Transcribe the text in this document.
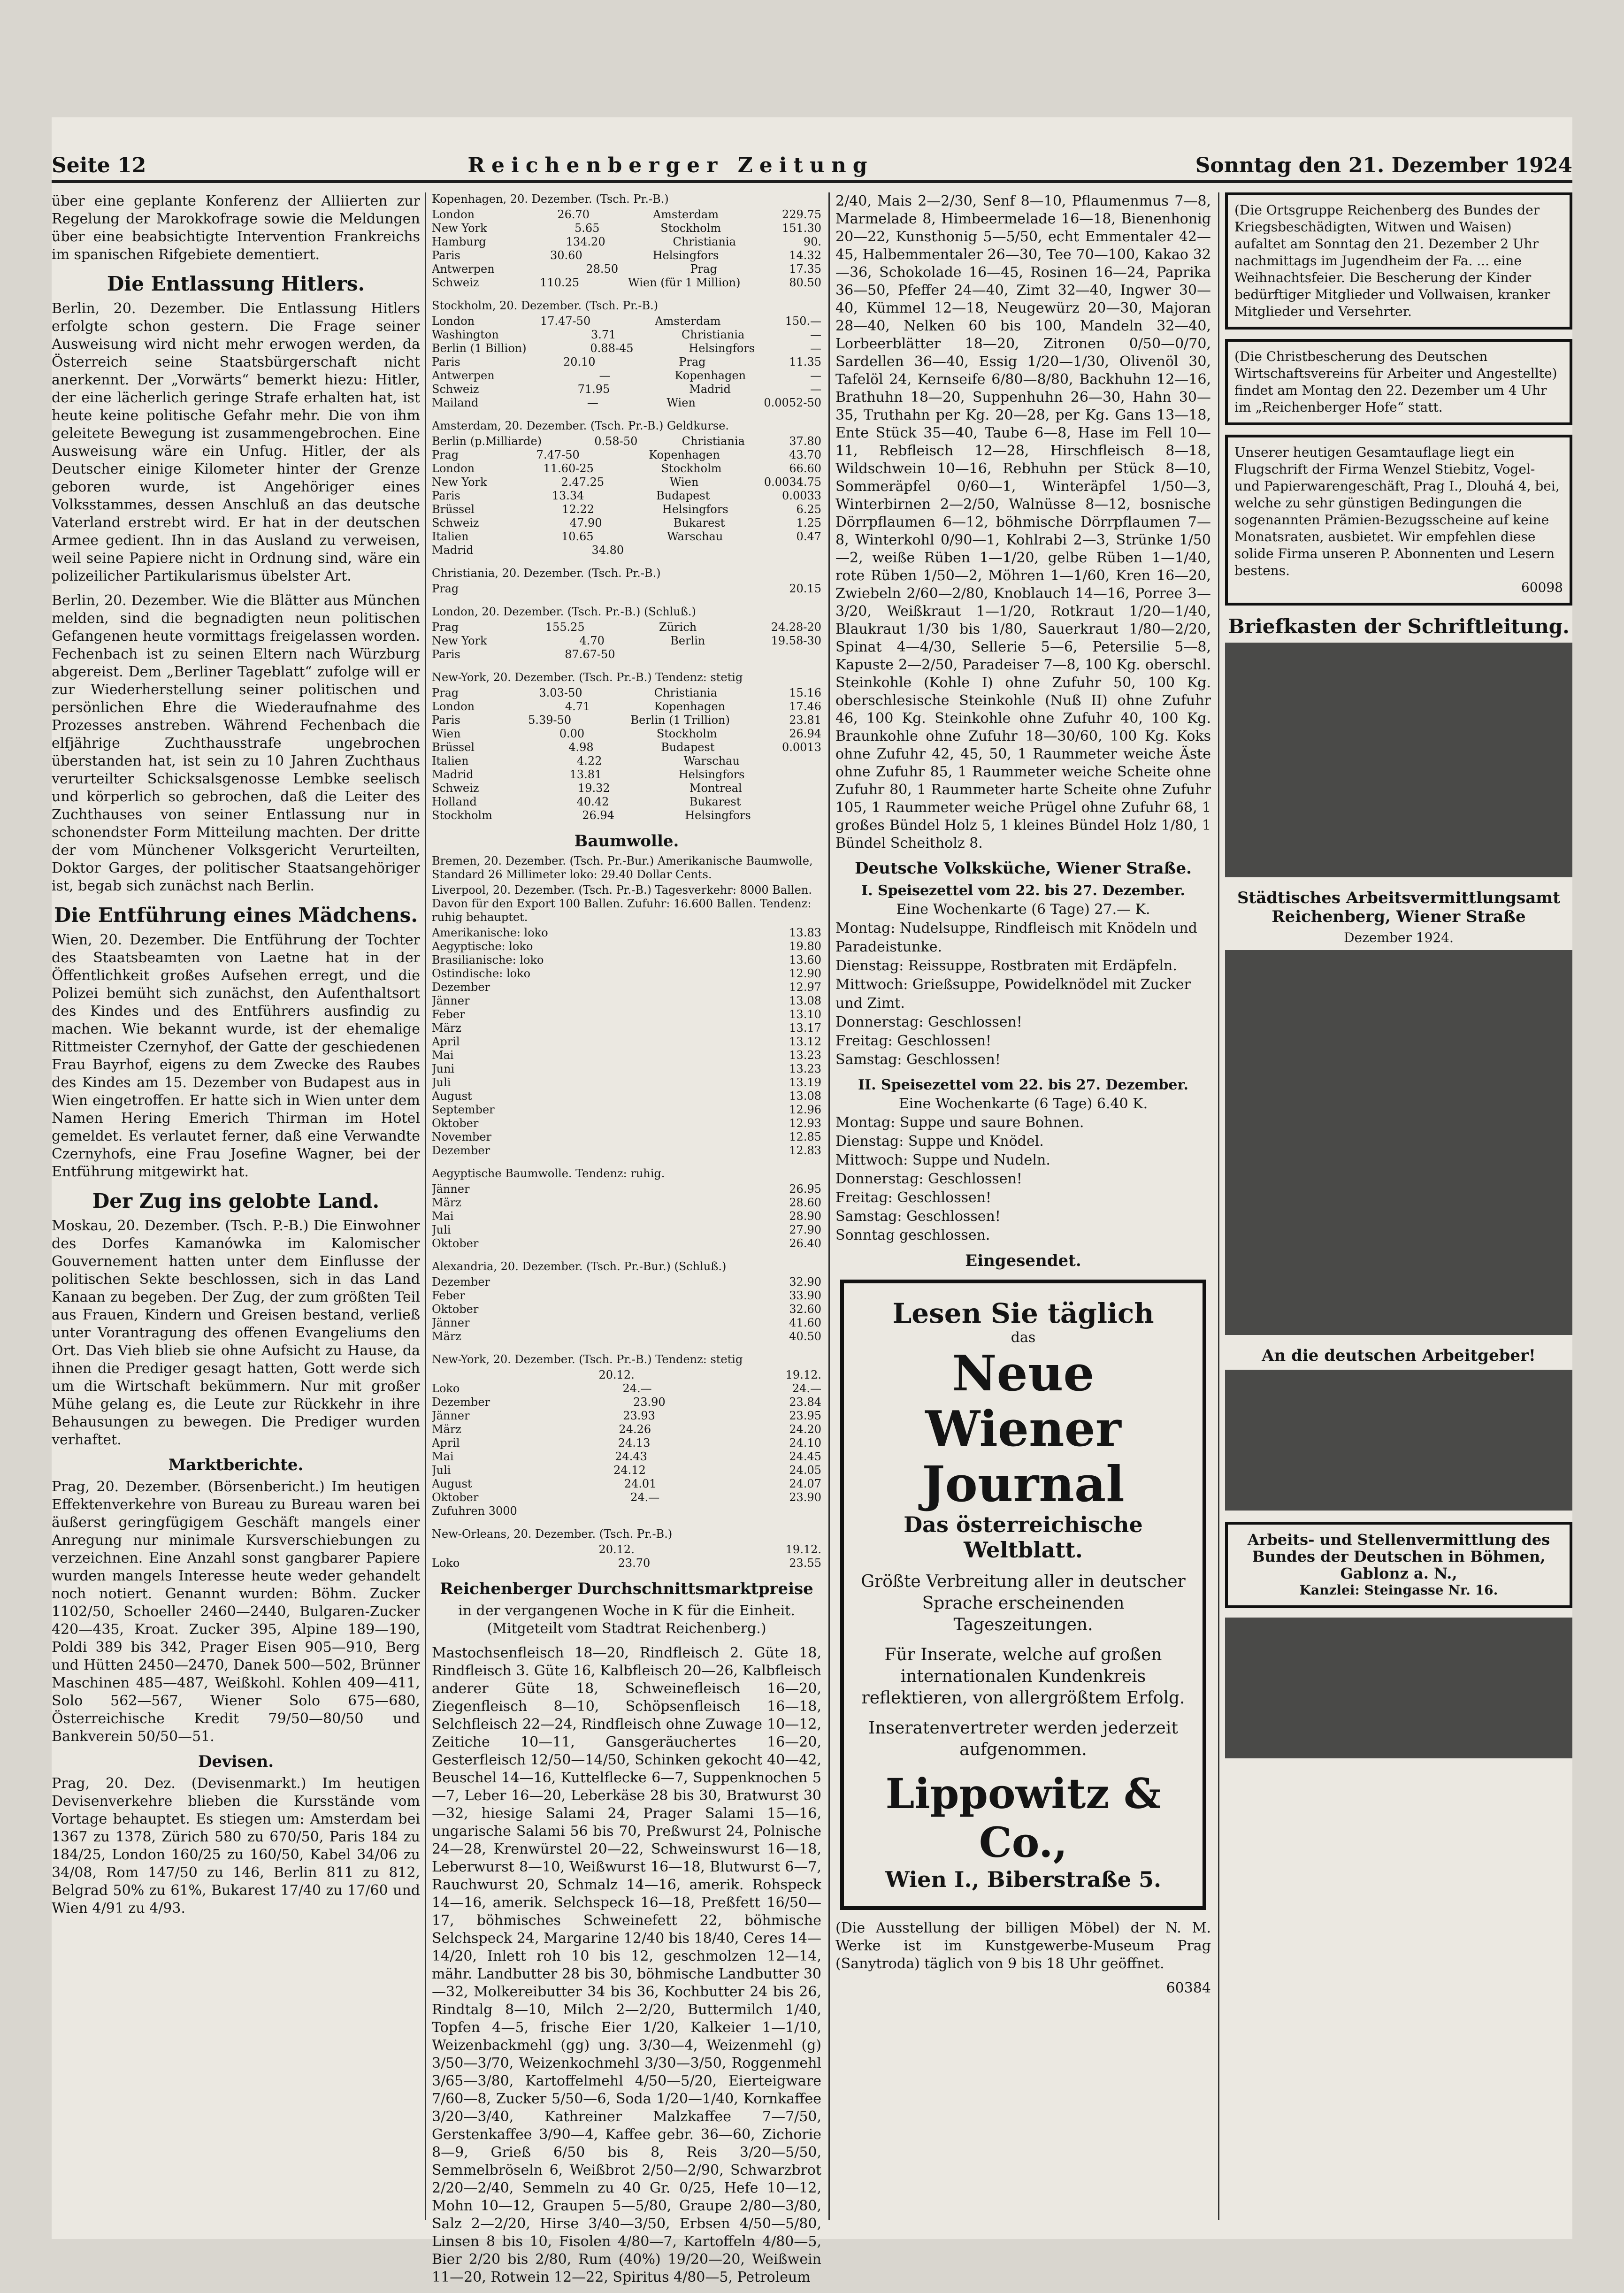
Seite 12	Reichenberger Zeitung	Sonntag den 21. Dezember 1924

über eine geplante Konferenz der Alliierten zur Regelung der Marokkofrage sowie die Meldungen über eine beabsichtigte Intervention Frankreichs im spanischen Rifgebiete dementiert.

Die Entlassung Hitlers.

Berlin, 20. Dezember. Die Entlassung Hitlers erfolgte schon gestern. Die Frage seiner Ausweisung wird nicht mehr erwogen werden, da Österreich seine Staatsbürgerschaft nicht anerkennt. Der „Vorwärts“ bemerkt hiezu: Hitler, der eine lächerlich geringe Strafe erhalten hat, ist heute keine politische Gefahr mehr. Die von ihm geleitete Bewegung ist zusammengebrochen. Eine Ausweisung wäre ein Unfug. Hitler, der als Deutscher einige Kilometer hinter der Grenze geboren wurde, ist Angehöriger eines Volksstammes, dessen Anschluß an das deutsche Vaterland erstrebt wird. Er hat in der deutschen Armee gedient. Ihn in das Ausland zu verweisen, weil seine Papiere nicht in Ordnung sind, wäre ein polizeilicher Partikularismus übelster Art.

Berlin, 20. Dezember. Wie die Blätter aus München melden, sind die begnadigten neun politischen Gefangenen heute vormittags freigelassen worden. Fechenbach ist zu seinen Eltern nach Würzburg abgereist. Dem „Berliner Tageblatt“ zufolge will er zur Wiederherstellung seiner politischen und persönlichen Ehre die Wiederaufnahme des Prozesses anstreben. Während Fechenbach die elfjährige Zuchthausstrafe ungebrochen überstanden hat, ist sein zu 10 Jahren Zuchthaus verurteilter Schicksalsgenosse Lembke seelisch und körperlich so gebrochen, daß die Leiter des Zuchthauses von seiner Entlassung nur in schonendster Form Mitteilung machten. Der dritte der vom Münchener Volksgericht Verurteilten, Doktor Garges, der politischer Staatsangehöriger ist, begab sich zunächst nach Berlin.

Die Entführung eines Mädchens.

Wien, 20. Dezember. Die Entführung der Tochter des Staatsbeamten von Laetne hat in der Öffentlichkeit großes Aufsehen erregt, und die Polizei bemüht sich zunächst, den Aufenthaltsort des Kindes und des Entführers ausfindig zu machen. Wie bekannt wurde, ist der ehemalige Rittmeister Czernyhof, der Gatte der geschiedenen Frau Bayrhof, eigens zu dem Zwecke des Raubes des Kindes am 15. Dezember von Budapest aus in Wien eingetroffen. Er hatte sich in Wien unter dem Namen Hering Emerich Thirman im Hotel gemeldet. Es verlautet ferner, daß eine Verwandte Czernyhofs, eine Frau Josefine Wagner, bei der Entführung mitgewirkt hat.

Der Zug ins gelobte Land.

Moskau, 20. Dezember. (Tsch. P.-B.) Die Einwohner des Dorfes Kamanówka im Kalomischer Gouvernement hatten unter dem Einflusse der politischen Sekte beschlossen, sich in das Land Kanaan zu begeben. Der Zug, der zum größten Teil aus Frauen, Kindern und Greisen bestand, verließ unter Vorantragung des offenen Evangeliums den Ort. Das Vieh blieb sie ohne Aufsicht zu Hause, da ihnen die Prediger gesagt hatten, Gott werde sich um die Wirtschaft bekümmern. Nur mit großer Mühe gelang es, die Leute zur Rückkehr in ihre Behausungen zu bewegen. Die Prediger wurden verhaftet.

Marktberichte.

Prag, 20. Dezember. (Börsenbericht.) Im heutigen Effektenverkehre von Bureau zu Bureau waren bei äußerst geringfügigem Geschäft mangels einer Anregung nur minimale Kursverschiebungen zu verzeichnen. Eine Anzahl sonst gangbarer Papiere wurden mangels Interesse heute weder gehandelt noch notiert. Genannt wurden: Böhm. Zucker 1102/50, Schoeller 2460—2440, Bulgaren-Zucker 420—435, Kroat. Zucker 395, Alpine 189—190, Poldi 389 bis 342, Prager Eisen 905—910, Berg und Hütten 2450—2470, Danek 500—502, Brünner Maschinen 485—487, Weißkohl. Kohlen 409—411, Solo 562—567, Wiener Solo 675—680, Österreichische Kredit 79/50—80/50 und Bankverein 50/50—51.

Devisen.

Prag, 20. Dez. (Devisenmarkt.) Im heutigen Devisenverkehre blieben die Kursstände vom Vortage behauptet. Es stiegen um: Amsterdam bei 1367 zu 1378, Zürich 580 zu 670/50, Paris 184 zu 184/25, London 160/25 zu 160/50, Kabel 34/06 zu 34/08, Rom 147/50 zu 146, Berlin 811 zu 812, Belgrad 50% zu 61%, Bukarest 17/40 zu 17/60 und Wien 4/91 zu 4/93.

Kopenhagen, 20. Dezember. (Tsch. Pr.-B.)
London	26.70	Amsterdam	229.75
New York	5.65	Stockholm	151.30
Hamburg	134.20	Christiania	90.
Paris	30.60	Helsingfors	14.32
Antwerpen	28.50	Prag	17.35
Schweiz	110.25	Wien (für 1 Million)	80.50
Stockholm, 20. Dezember. (Tsch. Pr.-B.)
London	17.47-50	Amsterdam	150.—
Washington	3.71	Christiania	—
Berlin (1 Billion)	0.88-45	Helsingfors	—
Paris	20.10	Prag	11.35
Antwerpen	—	Kopenhagen	—
Schweiz	71.95	Madrid	—
Mailand	—	Wien	0.0052-50
Amsterdam, 20. Dezember. (Tsch. Pr.-B.) Geldkurse.
Berlin (p.Milliarde)	0.58-50	Christiania	37.80
Prag	7.47-50	Kopenhagen	43.70
London	11.60-25	Stockholm	66.60
New York	2.47.25	Wien	0.0034.75
Paris	13.34	Budapest	0.0033
Brüssel	12.22	Helsingfors	6.25
Schweiz	47.90	Bukarest	1.25
Italien	10.65	Warschau	0.47
Madrid	34.80
Christiania, 20. Dezember. (Tsch. Pr.-B.)
Prag	20.15
London, 20. Dezember. (Tsch. Pr.-B.) (Schluß.)
Prag	155.25	Zürich	24.28-20
New York	4.70	Berlin	19.58-30
Paris	87.67-50
New-York, 20. Dezember. (Tsch. Pr.-B.) Tendenz: stetig
Prag	3.03-50	Christiania	15.16
London	4.71	Kopenhagen	17.46
Paris	5.39-50	Berlin (1 Trillion)	23.81
Wien	0.00	Stockholm	26.94
Brüssel	4.98	Budapest	0.0013
Italien	4.22	Warschau
Madrid	13.81	Helsingfors
Schweiz	19.32	Montreal
Holland	40.42	Bukarest
Stockholm	26.94	Helsingfors
Baumwolle.
Bremen, 20. Dezember. (Tsch. Pr.-Bur.) Amerikanische Baumwolle, Standard 26 Millimeter loko: 29.40 Dollar Cents.
Liverpool, 20. Dezember. (Tsch. Pr.-B.) Tagesverkehr: 8000 Ballen. Davon für den Export 100 Ballen. Zufuhr: 16.600 Ballen. Tendenz: ruhig behauptet.
Amerikanische: loko	13.83
Aegyptische: loko	19.80
Brasilianische: loko	13.60
Ostindische: loko	12.90
Dezember	12.97
Jänner	13.08
Feber	13.10
März	13.17
April	13.12
Mai	13.23
Juni	13.23
Juli	13.19
August	13.08
September	12.96
Oktober	12.93
November	12.85
Dezember	12.83
Aegyptische Baumwolle. Tendenz: ruhig.
Jänner	26.95
März	28.60
Mai	28.90
Juli	27.90
Oktober	26.40
Alexandria, 20. Dezember. (Tsch. Pr.-Bur.) (Schluß.)
Dezember	32.90
Feber	33.90
Oktober	32.60
Jänner	41.60
März	40.50
New-York, 20. Dezember. (Tsch. Pr.-B.) Tendenz: stetig
20.12.	19.12.
Loko	24.—	24.—
Dezember	23.90	23.84
Jänner	23.93	23.95
März	24.26	24.20
April	24.13	24.10
Mai	24.43	24.45
Juli	24.12	24.05
August	24.01	24.07
Oktober	24.—	23.90
Zufuhren 3000
New-Orleans, 20. Dezember. (Tsch. Pr.-B.)
20.12.	19.12.
Loko	23.70	23.55
Reichenberger Durchschnittsmarktpreise

in der vergangenen Woche in K für die Einheit. (Mitgeteilt vom Stadtrat Reichenberg.)

Mastochsenfleisch 18—20, Rindfleisch 2. Güte 18, Rindfleisch 3. Güte 16, Kalbfleisch 20—26, Kalbfleisch anderer Güte 18, Schweinefleisch 16—20, Ziegenfleisch 8—10, Schöpsenfleisch 16—18, Selchfleisch 22—24, Rindfleisch ohne Zuwage 10—12, Zeitiche 10—11, Gansgeräuchertes 16—20, Gesterfleisch 12/50—14/50, Schinken gekocht 40—42, Beuschel 14—16, Kuttelflecke 6—7, Suppenknochen 5—7, Leber 16—20, Leberkäse 28 bis 30, Bratwurst 30—32, hiesige Salami 24, Prager Salami 15—16, ungarische Salami 56 bis 70, Preßwurst 24, Polnische 24—28, Krenwürstel 20—22, Schweinswurst 16—18, Leberwurst 8—10, Weißwurst 16—18, Blutwurst 6—7, Rauchwurst 20, Schmalz 14—16, amerik. Rohspeck 14—16, amerik. Selchspeck 16—18, Preßfett 16/50—17, böhmisches Schweinefett 22, böhmische Selchspeck 24, Margarine 12/40 bis 18/40, Ceres 14—14/20, Inlett roh 10 bis 12, geschmolzen 12—14, mähr. Landbutter 28 bis 30, böhmische Landbutter 30—32, Molkereibutter 34 bis 36, Kochbutter 24 bis 26, Rindtalg 8—10, Milch 2—2/20, Buttermilch 1/40, Topfen 4—5, frische Eier 1/20, Kalkeier 1—1/10, Weizenbackmehl (gg) ung. 3/30—4, Weizenmehl (g) 3/50—3/70, Weizenkochmehl 3/30—3/50, Roggenmehl 3/65—3/80, Kartoffelmehl 4/50—5/20, Eierteigware 7/60—8, Zucker 5/50—6, Soda 1/20—1/40, Kornkaffee 3/20—3/40, Kathreiner Malzkaffee 7—7/50, Gerstenkaffee 3/90—4, Kaffee gebr. 36—60, Zichorie 8—9, Grieß 6/50 bis 8, Reis 3/20—5/50, Semmelbröseln 6, Weißbrot 2/50—2/90, Schwarzbrot 2/20—2/40, Semmeln zu 40 Gr. 0/25, Hefe 10—12, Mohn 10—12, Graupen 5—5/80, Graupe 2/80—3/80, Salz 2—2/20, Hirse 3/40—3/50, Erbsen 4/50—5/80, Linsen 8 bis 10, Fisolen 4/80—7, Kartoffeln 4/80—5, Bier 2/20 bis 2/80, Rum (40%) 19/20—20, Weißwein 11—20, Rotwein 12—22, Spiritus 4/80—5, Petroleum

2/40, Mais 2—2/30, Senf 8—10, Pflaumenmus 7—8, Marmelade 8, Himbeermelade 16—18, Bienenhonig 20—22, Kunsthonig 5—5/50, echt Emmentaler 42—45, Halbemmentaler 26—30, Tee 70—100, Kakao 32—36, Schokolade 16—45, Rosinen 16—24, Paprika 36—50, Pfeffer 24—40, Zimt 32—40, Ingwer 30—40, Kümmel 12—18, Neugewürz 20—30, Majoran 28—40, Nelken 60 bis 100, Mandeln 32—40, Lorbeerblätter 18—20, Zitronen 0/50—0/70, Sardellen 36—40, Essig 1/20—1/30, Olivenöl 30, Tafelöl 24, Kernseife 6/80—8/80, Backhuhn 12—16, Brathuhn 18—20, Suppenhuhn 26—30, Hahn 30—35, Truthahn per Kg. 20—28, per Kg. Gans 13—18, Ente Stück 35—40, Taube 6—8, Hase im Fell 10—11, Rebfleisch 12—28, Hirschfleisch 8—18, Wildschwein 10—16, Rebhuhn per Stück 8—10, Sommeräpfel 0/60—1, Winteräpfel 1/50—3, Winterbirnen 2—2/50, Walnüsse 8—12, bosnische Dörrpflaumen 6—12, böhmische Dörrpflaumen 7—8, Winterkohl 0/90—1, Kohlrabi 2—3, Strünke 1/50—2, weiße Rüben 1—1/20, gelbe Rüben 1—1/40, rote Rüben 1/50—2, Möhren 1—1/60, Kren 16—20, Zwiebeln 2/60—2/80, Knoblauch 14—16, Porree 3—3/20, Weißkraut 1—1/20, Rotkraut 1/20—1/40, Blaukraut 1/30 bis 1/80, Sauerkraut 1/80—2/20, Spinat 4—4/30, Sellerie 5—6, Petersilie 5—8, Kapuste 2—2/50, Paradeiser 7—8, 100 Kg. oberschl. Steinkohle (Kohle I) ohne Zufuhr 50, 100 Kg. oberschlesische Steinkohle (Nuß II) ohne Zufuhr 46, 100 Kg. Steinkohle ohne Zufuhr 40, 100 Kg. Braunkohle ohne Zufuhr 18—30/60, 100 Kg. Koks ohne Zufuhr 42, 45, 50, 1 Raummeter weiche Äste ohne Zufuhr 85, 1 Raummeter weiche Scheite ohne Zufuhr 80, 1 Raummeter harte Scheite ohne Zufuhr 105, 1 Raummeter weiche Prügel ohne Zufuhr 68, 1 großes Bündel Holz 5, 1 kleines Bündel Holz 1/80, 1 Bündel Scheitholz 8.

Deutsche Volksküche, Wiener Straße.
I. Speisezettel vom 22. bis 27. Dezember.
Eine Wochenkarte (6 Tage) 27.— K.
Montag: Nudelsuppe, Rindfleisch mit Knödeln und Paradeistunke.
Dienstag: Reissuppe, Rostbraten mit Erdäpfeln.
Mittwoch: Grießsuppe, Powidelknödel mit Zucker und Zimt.
Donnerstag: Geschlossen!
Freitag: Geschlossen!
Samstag: Geschlossen!
II. Speisezettel vom 22. bis 27. Dezember.
Eine Wochenkarte (6 Tage) 6.40 K.
Montag: Suppe und saure Bohnen.
Dienstag: Suppe und Knödel.
Mittwoch: Suppe und Nudeln.
Donnerstag: Geschlossen!
Freitag: Geschlossen!
Samstag: Geschlossen!
Sonntag geschlossen.
Eingesendet.
Lesen Sie täglich
das
Neue Wiener Journal
Das österreichische Weltblatt.
Größte Verbreitung aller in deutscher Sprache erscheinenden Tageszeitungen.
Für Inserate, welche auf großen internationalen Kundenkreis reflektieren, von allergrößtem Erfolg.
Inseratenvertreter werden jederzeit aufgenommen.
Lippowitz & Co.,
Wien I., Biberstraße 5.

(Die Ausstellung der billigen Möbel) der N. M. Werke ist im Kunstgewerbe-Museum Prag (Sanytroda) täglich von 9 bis 18 Uhr geöffnet.

60384

(Die Ortsgruppe Reichenberg des Bundes der Kriegsbeschädigten, Witwen und Waisen) aufaltet am Sonntag den 21. Dezember 2 Uhr nachmittags im Jugendheim der Fa. ... eine Weihnachtsfeier. Die Bescherung der Kinder bedürftiger Mitglieder und Vollwaisen, kranker Mitglieder und Versehrter.
(Die Christbescherung des Deutschen Wirtschaftsvereins für Arbeiter und Angestellte) findet am Montag den 22. Dezember um 4 Uhr im „Reichenberger Hofe“ statt.
Unserer heutigen Gesamtauflage liegt ein Flugschrift der Firma Wenzel Stiebitz, Vogel- und Papierwarengeschäft, Prag I., Dlouhá 4, bei, welche zu sehr günstigen Bedingungen die sogenannten Prämien-Bezugsscheine auf keine Monatsraten, ausbietet. Wir empfehlen diese solide Firma unseren P. Abonnenten und Lesern bestens.
60098
Briefkasten der Schriftleitung.
Städtisches Arbeitsvermittlungsamt Reichenberg, Wiener Straße
Dezember 1924.
An die deutschen Arbeitgeber!
Arbeits- und Stellenvermittlung des Bundes der Deutschen in Böhmen, Gablonz a. N.,
Kanzlei: Steingasse Nr. 16.
